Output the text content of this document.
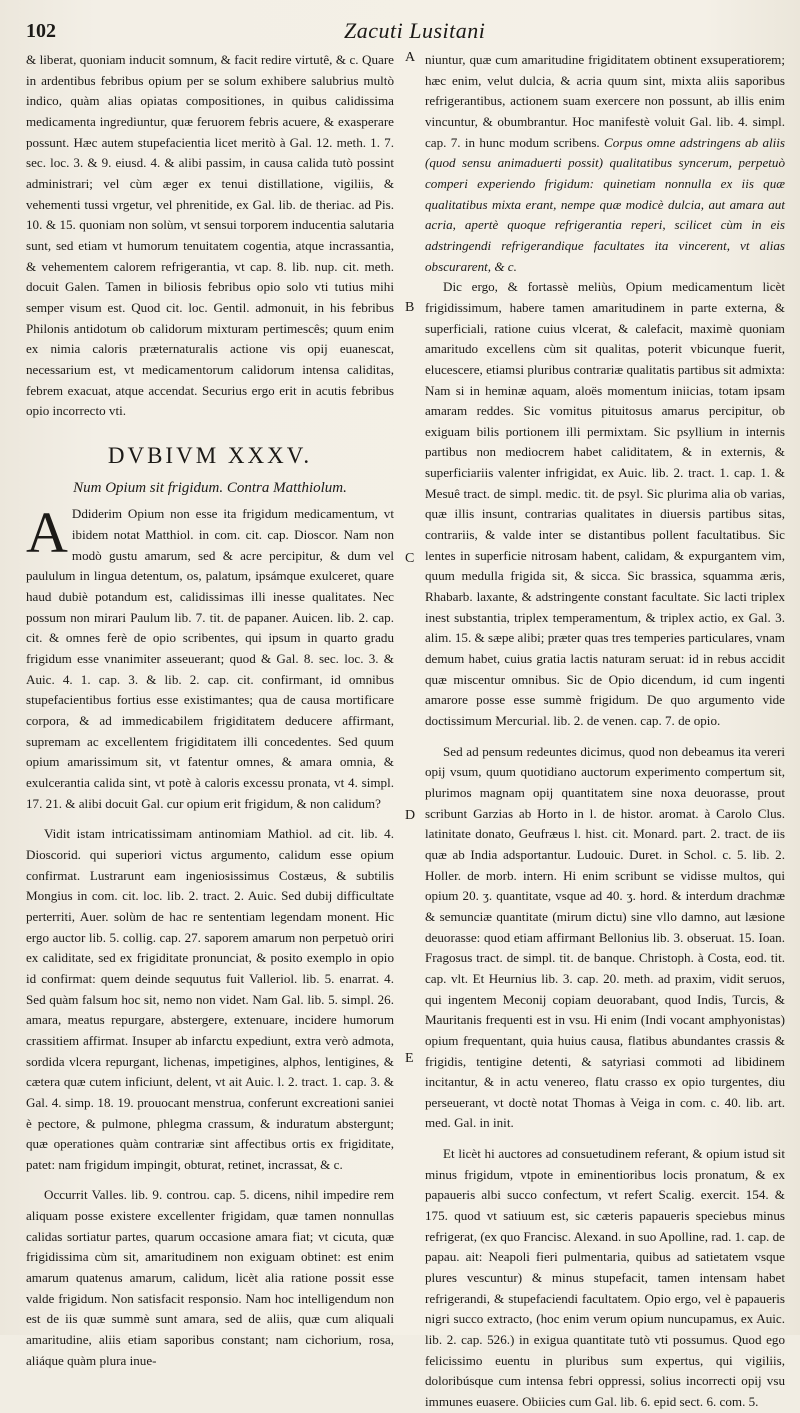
102	Zacuti Lusitani
A
B
C
D
E

& liberat, quoniam inducit somnum, & facit redire virtutê, & c. Quare in ardentibus febribus opium per se solum exhibere salubrius multò indico, quàm alias opiatas compositiones, in quibus calidissima medicamenta ingrediuntur, quæ feruorem febris acuere, & exasperare possunt. Hæc autem stupefacientia licet meritò à Gal. 12. meth. 1. 7. sec. loc. 3. & 9. eiusd. 4. & alibi passim, in causa calida tutò possint administrari; vel cùm æger ex tenui distillatione, vigiliis, & vehementi tussi vrgetur, vel phrenitide, ex Gal. lib. de theriac. ad Pis. 10. & 15. quoniam non solùm, vt sensui torporem inducentia salutaria sunt, sed etiam vt humorum tenuitatem cogentia, atque incrassantia, & vehementem calorem refrigerantia, vt cap. 8. lib. nup. cit. meth. docuit Galen. Tamen in biliosis febribus opio solo vti tutius mihi semper visum est. Quod cit. loc. Gentil. admonuit, in his febribus Philonis antidotum ob calidorum mixturam pertimescês; quum enim ex nimia caloris præternaturalis actione vis opij euanescat, necessarium est, vt medicamentorum calidorum intensa caliditas, febrem exacuat, atque accendat. Securius ergo erit in acutis febribus opio incorrecto vti.

DVBIVM XXXV.

Num Opium sit frigidum. Contra Matthiolum.

A Ddiderim Opium non esse ita frigidum medicamentum, vt ibidem notat Matthiol. in com. cit. cap. Dioscor. Nam non modò gustu amarum, sed & acre percipitur, & dum vel paululum in lingua detentum, os, palatum, ipsámque exulceret, quare haud dubiè potandum est, calidissimas illi inesse qualitates. Nec possum non mirari Paulum lib. 7. tit. de papaner. Auicen. lib. 2. cap. cit. & omnes ferè de opio scribentes, qui ipsum in quarto gradu frigidum esse vnanimiter asseuerant; quod & Gal. 8. sec. loc. 3. & Auic. 4. 1. cap. 3. & lib. 2. cap. cit. confirmant, id omnibus stupefacientibus fortius esse existimantes; qua de causa mortificare corpora, & ad immedicabilem frigiditatem deducere affirmant, supremam ac excellentem frigiditatem illi concedentes. Sed quum opium amarissimum sit, vt fatentur omnes, & amara omnia, & exulcerantia calida sint, vt potè à caloris excessu pronata, vt 4. simpl. 17. 21. & alibi docuit Gal. cur opium erit frigidum, & non calidum?

Vidit istam intricatissimam antinomiam Mathiol. ad cit. lib. 4. Dioscorid. qui superiori victus argumento, calidum esse opium confirmat. Lustrarunt eam ingeniosissimus Costæus, & subtilis Mongius in com. cit. loc. lib. 2. tract. 2. Auic. Sed dubij difficultate perterriti, Auer. solùm de hac re sententiam legendam monent. Hic ergo auctor lib. 5. collig. cap. 27. saporem amarum non perpetuò oriri ex caliditate, sed ex frigiditate pronunciat, & posito exemplo in opio id confirmat: quem deinde sequutus fuit Valleriol. lib. 5. enarrat. 4. Sed quàm falsum hoc sit, nemo non videt. Nam Gal. lib. 5. simpl. 26. amara, meatus repurgare, abstergere, extenuare, incidere humorum crassitiem affirmat. Insuper ab infarctu expediunt, extra verò admota, sordida vlcera repurgant, lichenas, impetigines, alphos, lentigines, & cætera quæ cutem inficiunt, delent, vt ait Auic. l. 2. tract. 1. cap. 3. & Gal. 4. simp. 18. 19. prouocant menstrua, conferunt excreationi saniei è pectore, & pulmone, phlegma crassum, & induratum abstergunt; quæ operationes quàm contrariæ sint affectibus ortis ex frigiditate, patet: nam frigidum impingit, obturat, retinet, incrassat, & c.

Occurrit Valles. lib. 9. controu. cap. 5. dicens, nihil impedire rem aliquam posse existere excellenter frigidam, quæ tamen nonnullas calidas sortiatur partes, quarum occasione amara fiat; vt cicuta, quæ frigidissima cùm sit, amaritudinem non exiguam obtinet: est enim amarum quatenus amarum, calidum, licèt alia ratione possit esse valde frigidum. Non satisfacit responsio. Nam hoc intelligendum non est de iis quæ summè sunt amara, sed de aliis, quæ cum aliquali amaritudine, aliis etiam saporibus constant; nam cichorium, rosa, aliáque quàm plura inue-

niuntur, quæ cum amaritudine frigiditatem obtinent exsuperatiorem; hæc enim, velut dulcia, & acria quum sint, mixta aliis saporibus refrigerantibus, actionem suam exercere non possunt, ab illis enim vincuntur, & obumbrantur. Hoc manifestè voluit Gal. lib. 4. simpl. cap. 7. in hunc modum scribens. Corpus omne adstringens ab aliis (quod sensu animaduerti possit) qualitatibus syncerum, perpetuò comperi experiendo frigidum: quinetiam nonnulla ex iis quæ qualitatibus mixta erant, nempe quæ modicè dulcia, aut amara aut acria, apertè quoque refrigerantia reperi, scilicet cùm in eis adstringendi refrigerandique facultates ita vincerent, vt alias obscurarent, & c.

Dic ergo, & fortassè meliùs, Opium medicamentum licèt frigidissimum, habere tamen amaritudinem in parte externa, & superficiali, ratione cuius vlcerat, & calefacit, maximè quoniam amaritudo excellens cùm sit qualitas, poterit vbicunque fuerit, elucescere, etiamsi pluribus contrariæ qualitatis partibus sit admixta: Nam si in heminæ aquam, aloës momentum iniicias, totam ipsam amaram reddes. Sic vomitus pituitosus amarus percipitur, ob exiguam bilis portionem illi permixtam. Sic psyllium in internis partibus non mediocrem habet caliditatem, & in externis, & superficiariis valenter infrigidat, ex Auic. lib. 2. tract. 1. cap. 1. & Mesuê tract. de simpl. medic. tit. de psyl. Sic plurima alia ob varias, quæ illis insunt, contrarias qualitates in diuersis partibus sitas, contrariis, & valde inter se distantibus pollent facultatibus. Sic lentes in superficie nitrosam habent, calidam, & expurgantem vim, quum medulla frigida sit, & sicca. Sic brassica, squamma æris, Rhabarb. laxante, & adstringente constant facultate. Sic lacti triplex inest substantia, triplex temperamentum, & triplex actio, ex Gal. 3. alim. 15. & sæpe alibi; præter quas tres temperies particulares, vnam demum habet, cuius gratia lactis naturam seruat: id in rebus accidit quæ miscentur omnibus. Sic de Opio dicendum, id cum ingenti amarore posse esse summè frigidum. De quo argumento vide doctissimum Mercurial. lib. 2. de venen. cap. 7. de opio.

Sed ad pensum redeuntes dicimus, quod non debeamus ita vereri opij vsum, quum quotidiano auctorum experimento compertum sit, plurimos magnam opij quantitatem sine noxa deuorasse, prout scribunt Garzias ab Horto in l. de histor. aromat. à Carolo Clus. latinitate donato, Geufræus l. hist. cit. Monard. part. 2. tract. de iis quæ ab India adsportantur. Ludouic. Duret. in Schol. c. 5. lib. 2. Holler. de morb. intern. Hi enim scribunt se vidisse multos, qui opium 20. ʒ. quantitate, vsque ad 40. ʒ. hord. & interdum drachmæ & semunciæ quantitate (mirum dictu) sine vllo damno, aut læsione deuorasse: quod etiam affirmant Bellonius lib. 3. obseruat. 15. Ioan. Fragosus tract. de simpl. tit. de banque. Christoph. à Costa, eod. tit. cap. vlt. Et Heurnius lib. 3. cap. 20. meth. ad praxim, vidit seruos, qui ingentem Meconij copiam deuorabant, quod Indis, Turcis, & Mauritanis frequenti est in vsu. Hi enim (Indi vocant amphyonistas) opium frequentant, quia huius causa, flatibus abundantes crassis & frigidis, tentigine detenti, & satyriasi commoti ad libidinem incitantur, & in actu venereo, flatu crasso ex opio turgentes, diu perseuerant, vt doctè notat Thomas à Veiga in com. c. 40. lib. art. med. Gal. in init.

Et licèt hi auctores ad consuetudinem referant, & opium istud sit minus frigidum, vtpote in eminentioribus locis pronatum, & ex papaueris albi succo confectum, vt refert Scalig. exercit. 154. & 175. quod vt satiuum est, sic cæteris papaueris speciebus minus refrigerat, (ex quo Francisc. Alexand. in suo Apolline, rad. 1. cap. de papau. ait: Neapoli fieri pulmentaria, quibus ad satietatem vsque plures vescuntur) & minus stupefacit, tamen intensam habet refrigerandi, & stupefaciendi facultatem. Opio ergo, vel è papaueris nigri succo extracto, (hoc enim verum opium nuncupamus, ex Auic. lib. 2. cap. 526.) in exigua quantitate tutò vti possumus. Quod ego felicissimo euentu in pluribus sum expertus, qui vigiliis, doloribúsque cum intensa febri oppressi, solius incorrecti opij vsu immunes euasere. Obiicies cum Gal. lib. 6. epid sect. 6. com. 5.
